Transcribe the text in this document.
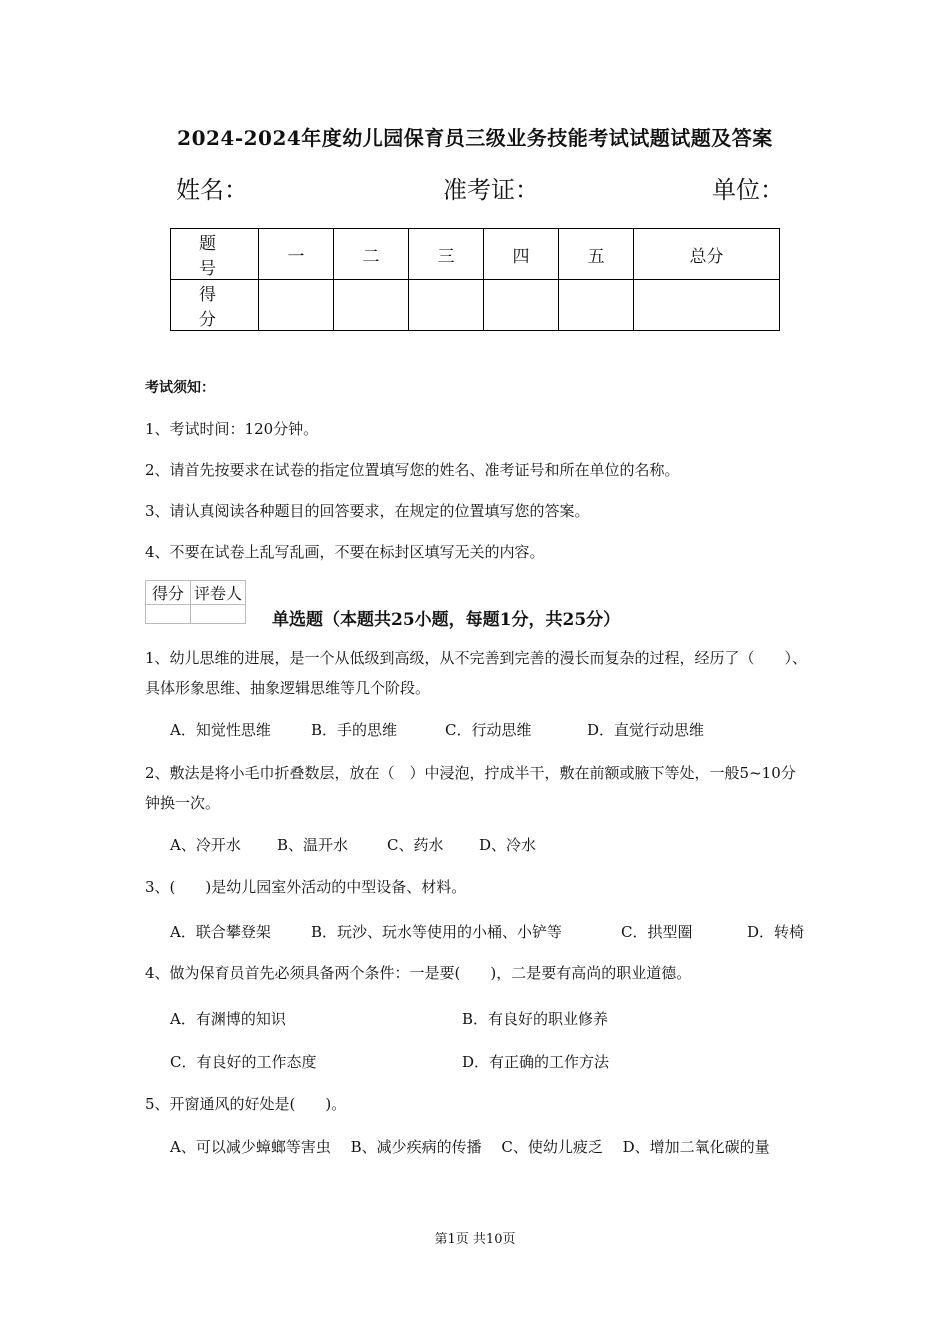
2024-2024年度幼儿园保育员三级业务技能考试试题试题及答案
姓名：	准考证：	单位：
题　号	一	二	三	四	五	总分
得　分						
考试须知：
1、考试时间：120分钟。
2、请首先按要求在试卷的指定位置填写您的姓名、准考证号和所在单位的名称。
3、请认真阅读各种题目的回答要求，在规定的位置填写您的答案。
4、不要在试卷上乱写乱画，不要在标封区填写无关的内容。
得分	评卷人

单选题（本题共25小题，每题1分，共25分）
1、幼儿思维的进展，是一个从低级到高级，从不完善到完善的漫长而复杂的过程，经历了（　　）、具体形象思维、抽象逻辑思维等几个阶段。
A．知觉性思维	B．手的思维	C．行动思维	D．直觉行动思维
2、敷法是将小毛巾折叠数层，放在（　）中浸泡，拧成半干，敷在前额或腋下等处，一般5~10分钟换一次。
A、冷开水 B、温开水	C、药水 D、冷水
3、(　　)是幼儿园室外活动的中型设备、材料。
A．联合攀登架	B．玩沙、玩水等使用的小桶、小铲等	C．拱型圈	D．转椅
4、做为保育员首先必须具备两个条件：一是要(　　)，二是要有高尚的职业道德。
A．有渊博的知识	B．有良好的职业修养
C．有良好的工作态度	D．有正确的工作方法
5、开窗通风的好处是(　　)。
A、可以减少蟑螂等害虫　 B、减少疾病的传播　 C、使幼儿疲乏　 D、增加二氧化碳的量
第1页 共10页
